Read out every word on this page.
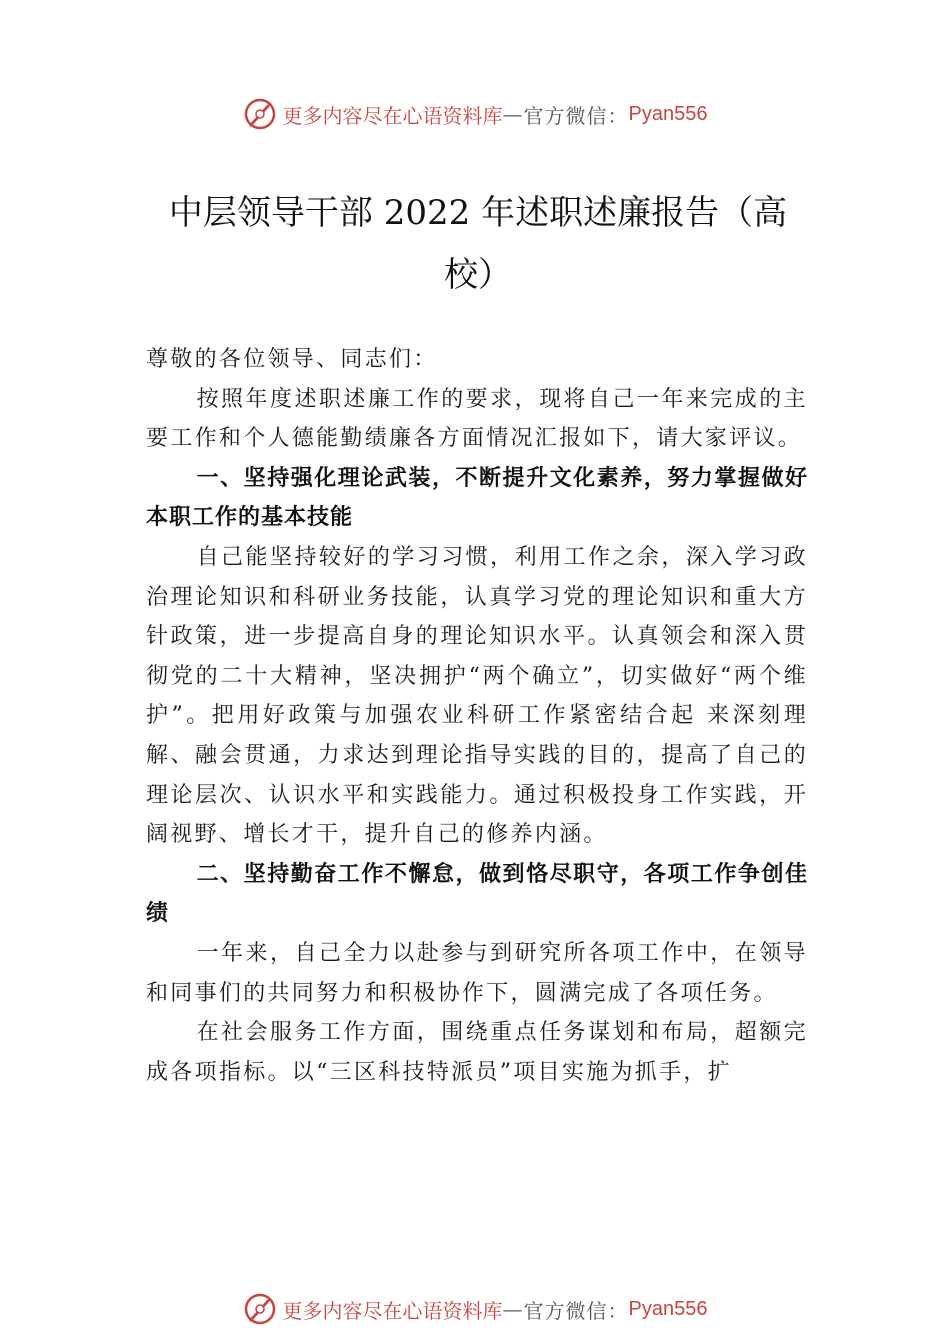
更多内容尽在心语资料库 — 官方微信： Pyan556
中层领导干部 2022 年述职述廉报告（高校）

尊敬的各位领导、同志们：

按照年度述职述廉工作的要求，现将自己一年来完成的主要工作和个人德能勤绩廉各方面情况汇报如下，请大家评议。

一、坚持强化理论武装，不断提升文化素养，努力掌握做好本职工作的基本技能

自己能坚持较好的学习习惯，利用工作之余，深入学习政治理论知识和科研业务技能，认真学习党的理论知识和重大方针政策，进一步提高自身的理论知识水平。认真领会和深入贯彻党的二十大精神，坚决拥护“两个确立”，切实做好“两个维护”。把用好政策与加强农业科研工作紧密结合起 来深刻理解、融会贯通，力求达到理论指导实践的目的，提高了自己的理论层次、认识水平和实践能力。通过积极投身工作实践，开阔视野、增长才干，提升自己的修养内涵。

二、坚持勤奋工作不懈怠，做到恪尽职守，各项工作争创佳绩

一年来，自己全力以赴参与到研究所各项工作中，在领导和同事们的共同努力和积极协作下，圆满完成了各项任务。

在社会服务工作方面，围绕重点任务谋划和布局，超额完成各项指标。以“三区科技特派员”项目实施为抓手，扩

更多内容尽在心语资料库 — 官方微信： Pyan556
